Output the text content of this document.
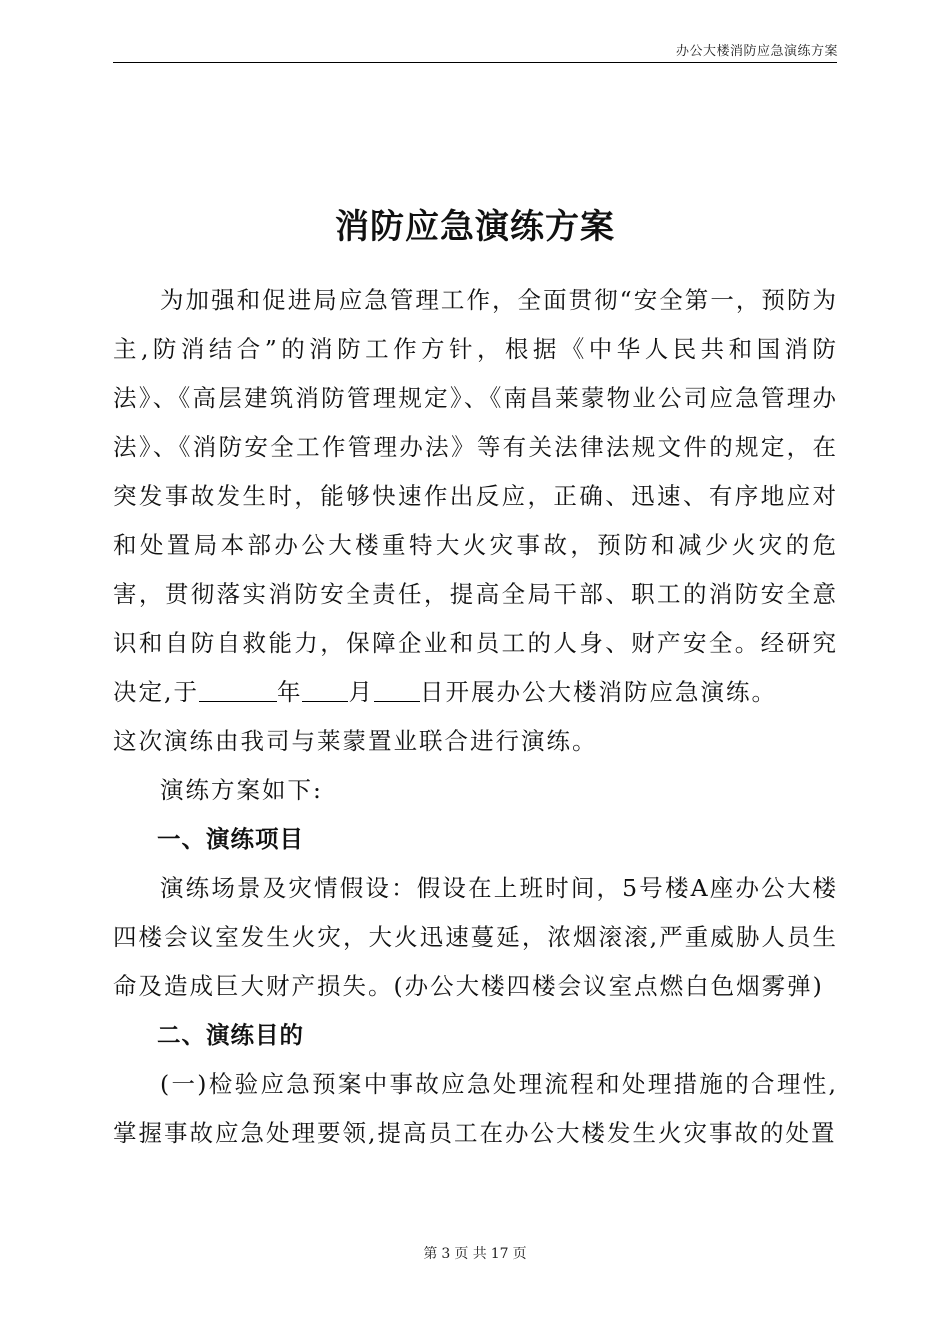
办公大楼消防应急演练方案
消防应急演练方案

为加强和促进局应急管理工作，全面贯彻“安全第一，预防为主,防消结合”的消防工作方针，根据《中华人民共和国消防法》、《高层建筑消防管理规定》、《南昌莱蒙物业公司应急管理办法》、《消防安全工作管理办法》等有关法律法规文件的规定，在突发事故发生时，能够快速作出反应，正确、迅速、有序地应对和处置局本部办公大楼重特大火灾事故，预防和减少火灾的危害，贯彻落实消防安全责任，提高全局干部、职工的消防安全意识和自防自救能力，保障企业和员工的人身、财产安全。经研究决定,于	年 月 日开展办公大楼消防应急演练。

这次演练由我司与莱蒙置业联合进行演练。

演练方案如下:

一、演练项目

演练场景及灾情假设：假设在上班时间，5号楼A座办公大楼四楼会议室发生火灾，大火迅速蔓延，浓烟滚滚,严重威胁人员生命及造成巨大财产损失。(办公大楼四楼会议室点燃白色烟雾弹)

二、演练目的

(一)检验应急预案中事故应急处理流程和处理措施的合理性,掌握事故应急处理要领,提高员工在办公大楼发生火灾事故的处置

第 3 页 共 17 页
